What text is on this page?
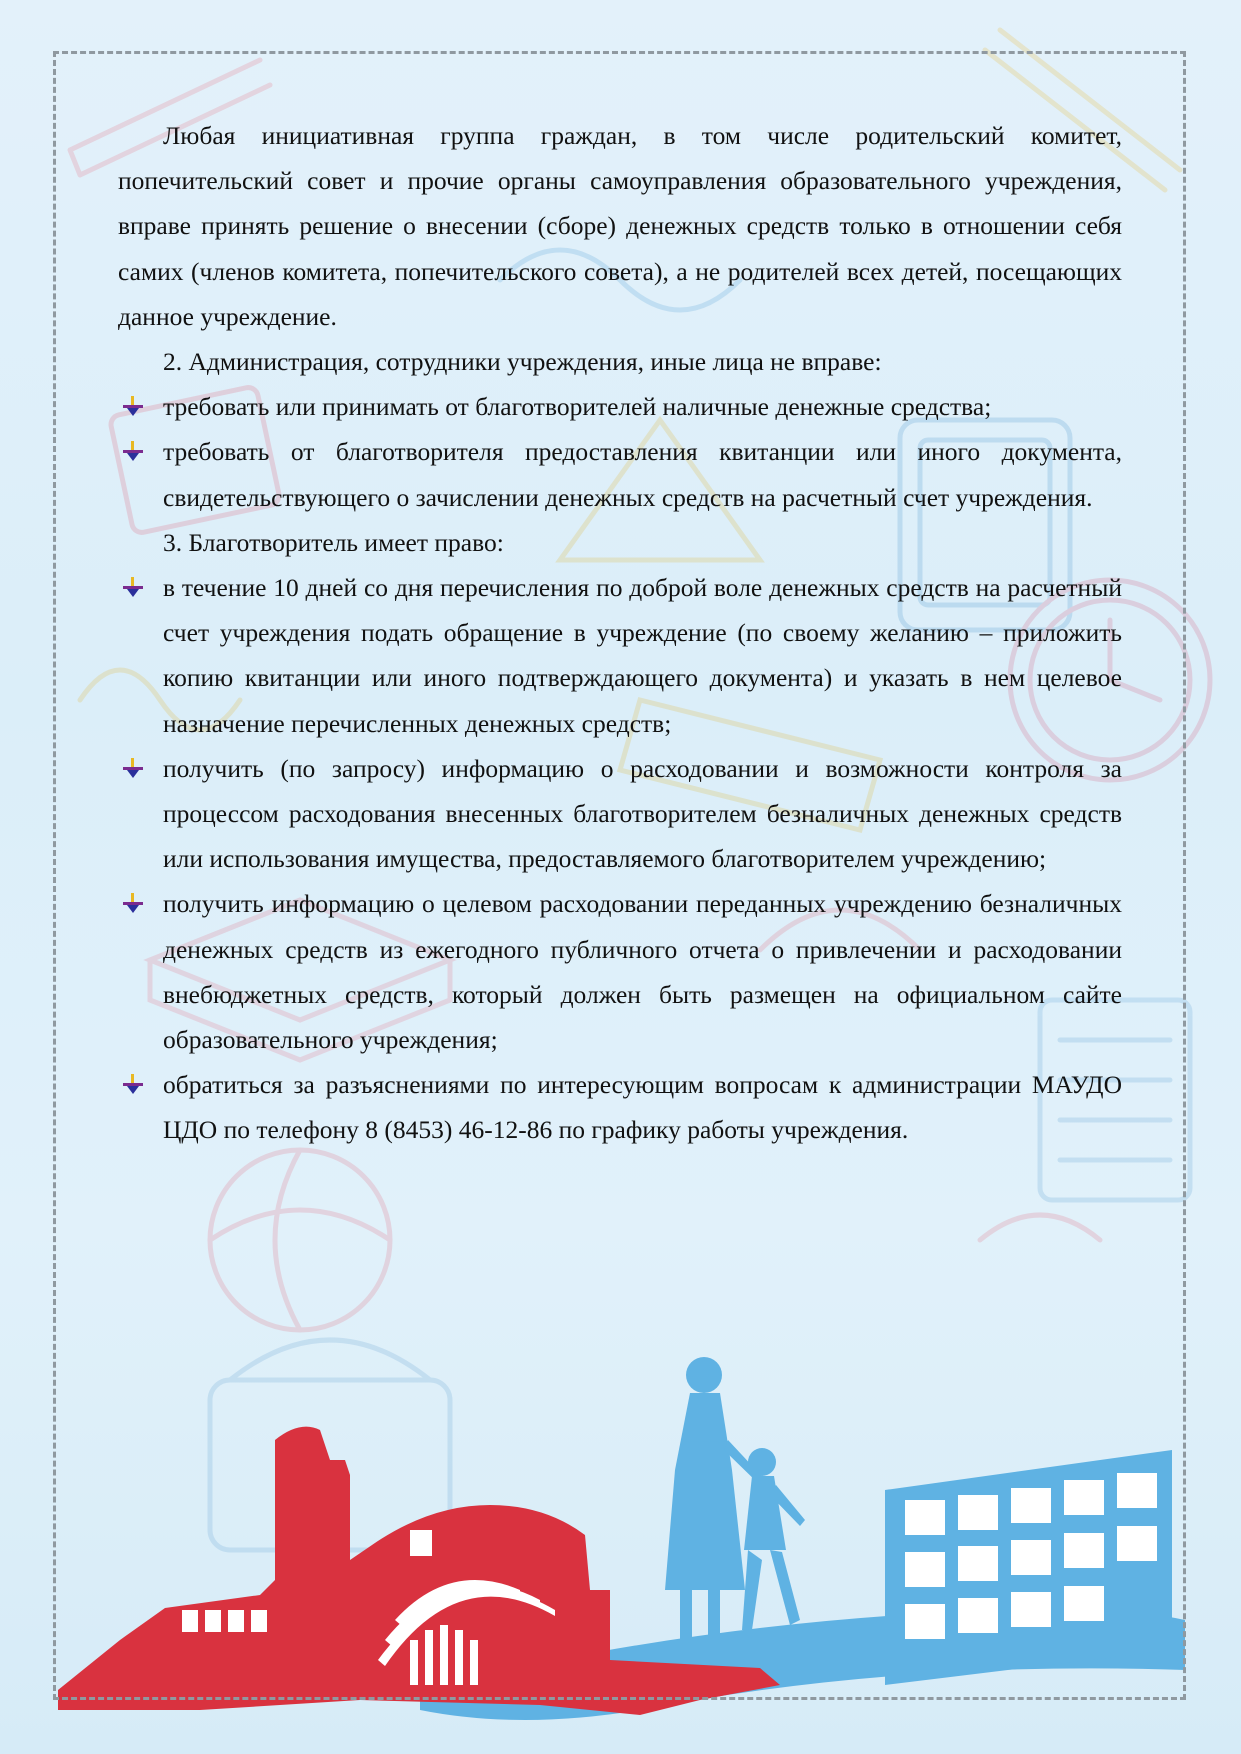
Любая инициативная группа граждан, в том числе родительский комитет, попечительский совет и прочие органы самоуправления образовательного учреждения, вправе принять решение о внесении (сборе) денежных средств только в отношении себя самих (членов комитета, попечительского совета), а не родителей всех детей, посещающих данное учреждение.

2. Администрация, сотрудники учреждения, иные лица не вправе:

требовать или принимать от благотворителей наличные денежные средства;
требовать от благотворителя предоставления квитанции или иного документа, свидетельствующего о зачислении денежных средств на расчетный счет учреждения.

3. Благотворитель имеет право:

в течение 10 дней со дня перечисления по доброй воле денежных средств на расчетный счет учреждения подать обращение в учреждение (по своему желанию – приложить копию квитанции или иного подтверждающего документа) и указать в нем целевое назначение перечисленных денежных средств;
получить (по запросу) информацию о расходовании и возможности контроля за процессом расходования внесенных благотворителем безналичных денежных средств или использования имущества, предоставляемого благотворителем учреждению;
получить информацию о целевом расходовании переданных учреждению безналичных денежных средств из ежегодного публичного отчета о привлечении и расходовании внебюджетных средств, который должен быть размещен на официальном сайте образовательного учреждения;
обратиться за разъяснениями по интересующим вопросам к администрации МАУДО ЦДО по телефону 8 (8453) 46-12-86 по графику работы учреждения.
